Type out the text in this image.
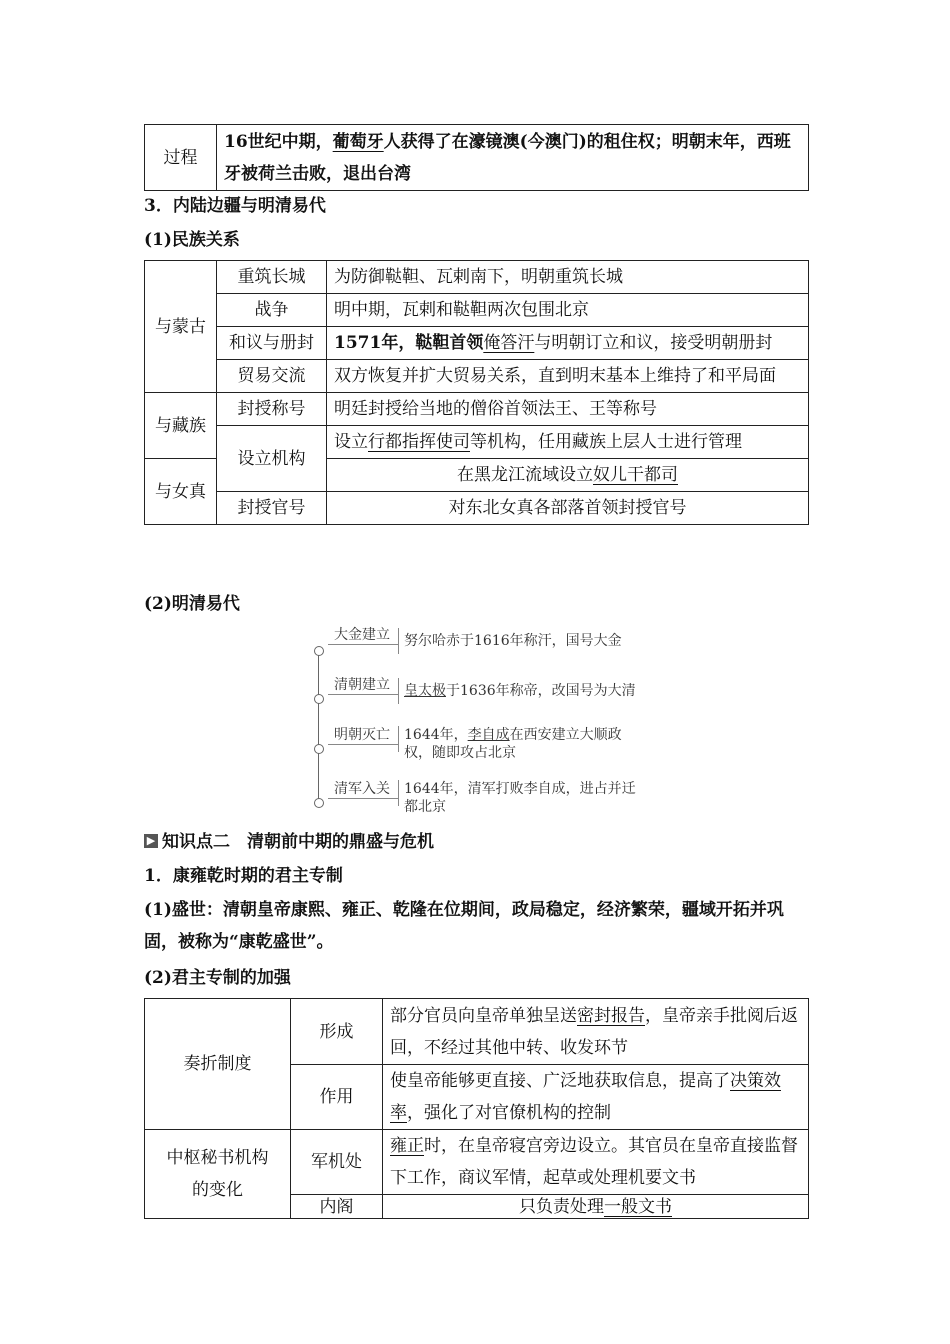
过程	16世纪中期，葡萄牙人获得了在濠镜澳(今澳门)的租住权；明朝末年，西班牙被荷兰击败，退出台湾
3．内陆边疆与明清易代
(1)民族关系
与蒙古	重筑长城	为防御鞑靼、瓦剌南下，明朝重筑长城
	战争	明中期，瓦剌和鞑靼两次包围北京
	和议与册封	1571年，鞑靼首领俺答汗与明朝订立和议，接受明朝册封
	贸易交流	双方恢复并扩大贸易关系，直到明末基本上维持了和平局面
与藏族	封授称号	明廷封授给当地的僧俗首领法王、王等称号
	设立机构	设立行都指挥使司等机构，任用藏族上层人士进行管理
与女真		在黑龙江流域设立奴儿干都司
	封授官号	对东北女真各部落首领封授官号
(2)明清易代
大金建立 努尔哈赤于1616年称汗，国号大金
清朝建立 皇太极于1636年称帝，改国号为大清
明朝灭亡 1644年，李自成在西安建立大顺政权，随即攻占北京
清军入关 1644年，清军打败李自成，进占并迁都北京
▶ 知识点二　清朝前中期的鼎盛与危机
1．康雍乾时期的君主专制
(1)盛世：清朝皇帝康熙、雍正、乾隆在位期间，政局稳定，经济繁荣，疆域开拓并巩固，被称为“康乾盛世”。
(2)君主专制的加强
奏折制度	形成	部分官员向皇帝单独呈送密封报告，皇帝亲手批阅后返回，不经过其他中转、收发环节
	作用	使皇帝能够更直接、广泛地获取信息，提高了决策效率，强化了对官僚机构的控制
中枢秘书机构的变化	军机处	雍正时，在皇帝寝宫旁边设立。其官员在皇帝直接监督下工作，商议军情，起草或处理机要文书
	内阁	只负责处理一般文书
